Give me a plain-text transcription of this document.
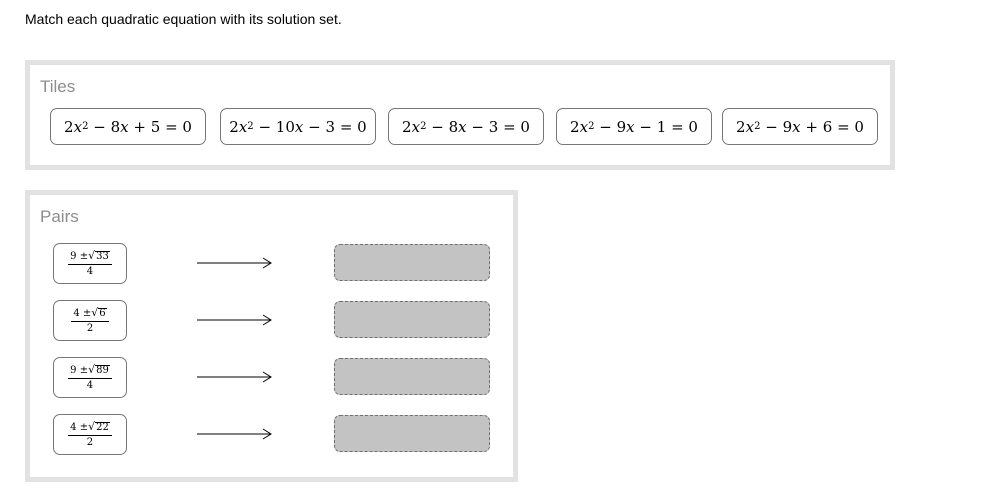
Match each quadratic equation with its solution set.
Tiles
2 x 2
−
8 x
+
5
= 0 2 x 2
−
10 x
−
3
= 0 2 x 2
−
8 x
−
3
= 0	2 x 2
−
9 x
−
1
= 0	2 x 2
−
9 x
+
6
= 0
Pairs
$\frac{9 \pm √ 33}{4}$
$\frac{4 \pm √ 6}{2}$
$\frac{9 \pm √ 89}{4}$
$\frac{4 \pm √ 22}{2}$
